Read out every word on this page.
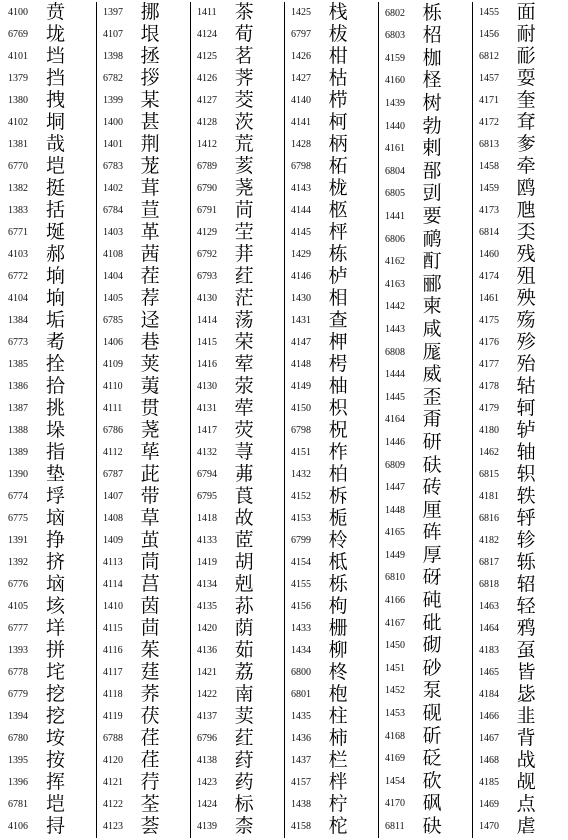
4100 贲
6769 垅
4101 垱
1379 挡
1380 拽
4102 垌
1381 哉
6770 垲
1382 挺
1383 括
6771 埏
4103 郝
6772 垧
4104 垧
1384 垢
6773 耇
1385 拴
1386 拾
1387 挑
1388 垛
1389 指
1390 垫
6774 垺
6775 垴
1391 挣
1392 挤
6776 垴
4105 垓
6777 垟
1393 拼
6778 垞
6779 挖
1394 挖
6780 垵
1395 按
1396 挥
6781 垲
4106 挦
1397 挪
4107 垠
1398 拯
6782 拶
1399 某
1400 甚
1401 荆
6783 茏
1402 茸
6784 荁
1403 革
4108 茜
1404 茬
1405 荐
6785 迳
1406 巷
4109 荚
4110 荑
4111 贯
6786 荛
4112 荜
6787 茈
1407 带
1408 草
1409 茧
4113 茼
4114 莒
1410 茵
4115 茴
4116 茱
4117 莛
4118 荞
4119 茯
6788 荏
4120 荏
4121 荇
4122 荃
4123 荟
1411 茶
4124 荀
4125 茗
4126 荠
4127 茭
4128 茨
1412 荒
6789 荄
6790 荛
6791 苘
4129 茔
6792 荓
6793 荭
4130 茫
1414 荡
1415 荣
1416 荤
4130 荥
4131 荦
1417 荧
4132 荨
6794 茀
6795 莨
1418 故
4133 茝
1419 胡
4134 剋
4135 荪
1420 荫
4136 茹
1421 荔
1422 南
4137 荬
6796 荭
4138 荮
1423 药
1424 标
4139 柰
1425 栈
6797 柭
1426 柑
1427 枯
4140 栉
4141 柯
1428 柄
6798 柘
4143 栊
4144 柩
4145 枰
1429 栋
4146 栌
1430 相
1431 查
4147 柙
4148 枵
4149 柚
4150 枳
6798 柷
4151 柞
1432 柏
4152 柝
4153 栀
6799 柃
4154 柢
4155 栎
4156 枸
1433 栅
1434 柳
6800 柊
6801 枹
1435 柱
1436 柿
1437 栏
4157 柈
1438 柠
4158 柁
6802 栎
6803 柖
4159 枷
4160 柽
1439 树
1440 勃
4161 剌
6804 郚
6805 剅
1441 要
6806 鸸
4162 酊
4163 郦
1442 柬
1443 咸
6808 厖
1444 威
1445 歪
4164 甭
1446 研
6809 砆
1447 砖
1448 厘
4165 砗
1449 厚
6810 砑
4166 砘
4167 砒
1450 砌
1451 砂
1452 泵
1453 砚
4168 斫
4169 砭
1454 砍
4170 砜
6811 砄
1455 面
1456 耐
6812 耏
1457 耍
4171 奎
4172 耷
6813 奓
1458 牵
1459 鸥
4173 虺
6814 奀
1460 残
4174 殂
1461 殃
4175 殇
4176 殄
4177 殆
4178 轱
4179 轲
4180 轳
1462 轴
6815 轵
4181 轶
6816 轷
4182 轸
6817 轹
6818 轺
1463 轻
1464 鸦
4183 虿
1465 皆
4184 毖
1466 韭
1467 背
1468 战
4185 觇
1469 点
1470 虐
